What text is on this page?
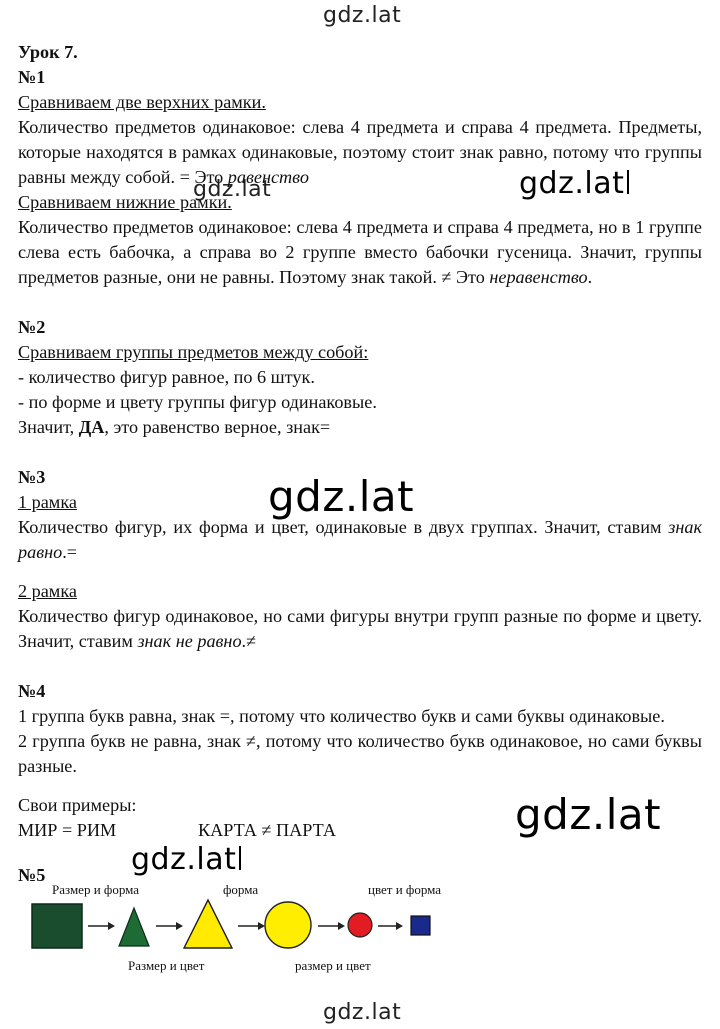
gdz.lat
gdz.lat	gdz.lat
gdz.lat
gdz.lat
gdz.lat
gdz.lat

Урок 7.

№1

Сравниваем две верхних рамки.

Количество предметов одинаковое: слева 4 предмета и справа 4 предмета. Предметы, которые находятся в рамках одинаковые, поэтому стоит знак равно, потому что группы равны между собой. = Это равенство

Сравниваем нижние рамки.

Количество предметов одинаковое: слева 4 предмета и справа 4 предмета, но в 1 группе слева есть бабочка, а справа во 2 группе вместо бабочки гусеница. Значит, группы предметов разные, они не равны. Поэтому знак такой. ≠ Это неравенство.

№2

Сравниваем группы предметов между собой:

- количество фигур равное, по 6 штук.

- по форме и цвету группы фигур одинаковые.

Значит, ДА, это равенство верное, знак=

№3

1 рамка

Количество фигур, их форма и цвет, одинаковые в двух группах. Значит, ставим знак равно.=

2 рамка

Количество фигур одинаковое, но сами фигуры внутри групп разные по форме и цвету. Значит, ставим знак не равно.≠

№4

1 группа букв равна, знак =, потому что количество букв и сами буквы одинаковые.

2 группа букв не равна, знак ≠, потому что количество букв одинаковое, но сами буквы разные.

Свои примеры:

МИР = РИМ	КАРТА ≠ ПАРТА

№5

Размер и форма	форма	цвет и форма
Размер и цвет	размер и цвет
